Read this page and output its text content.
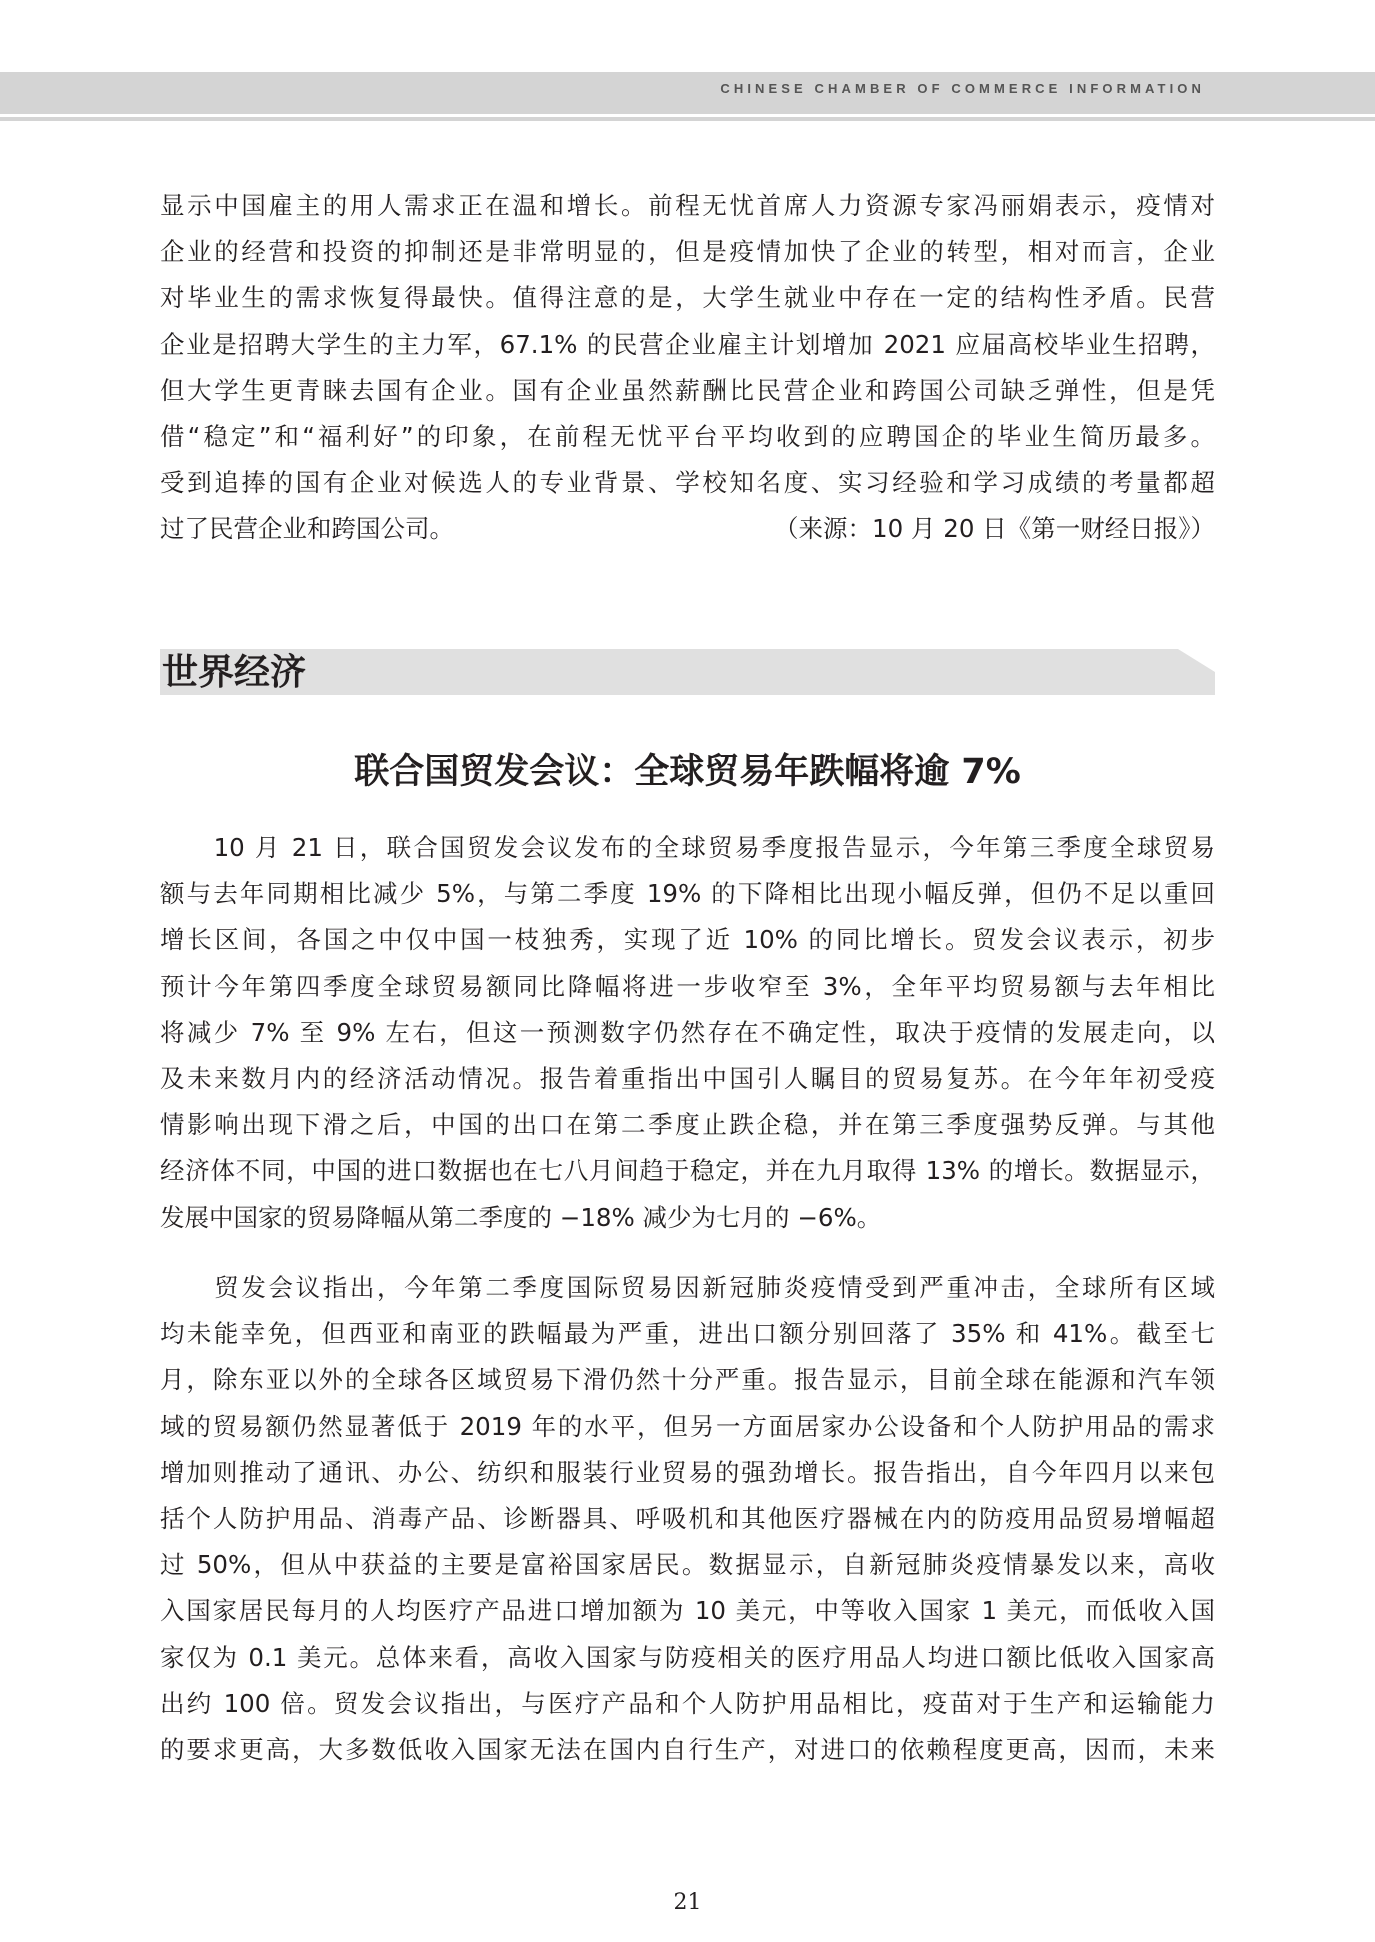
CHINESE CHAMBER OF COMMERCE INFORMATION
显示中国雇主的用人需求正在温和增长。前程无忧首席人力资源专家冯丽娟表示，疫情对
企业的经营和投资的抑制还是非常明显的，但是疫情加快了企业的转型，相对而言，企业
对毕业生的需求恢复得最快。值得注意的是，大学生就业中存在一定的结构性矛盾。民营
企业是招聘大学生的主力军，67.1% 的民营企业雇主计划增加 2021 应届高校毕业生招聘，
但大学生更青睐去国有企业。国有企业虽然薪酬比民营企业和跨国公司缺乏弹性，但是凭
借“稳定”和“福利好”的印象，在前程无忧平台平均收到的应聘国企的毕业生简历最多。
受到追捧的国有企业对候选人的专业背景、学校知名度、实习经验和学习成绩的考量都超
过了民营企业和跨国公司。	（来源：10 月 20 日《第一财经日报》）
世界经济
联合国贸发会议：全球贸易年跌幅将逾 7%
　　10 月 21 日，联合国贸发会议发布的全球贸易季度报告显示，今年第三季度全球贸易
额与去年同期相比减少 5%，与第二季度 19% 的下降相比出现小幅反弹，但仍不足以重回
增长区间，各国之中仅中国一枝独秀，实现了近 10% 的同比增长。贸发会议表示，初步
预计今年第四季度全球贸易额同比降幅将进一步收窄至 3%，全年平均贸易额与去年相比
将减少 7% 至 9% 左右，但这一预测数字仍然存在不确定性，取决于疫情的发展走向，以
及未来数月内的经济活动情况。报告着重指出中国引人瞩目的贸易复苏。在今年年初受疫
情影响出现下滑之后，中国的出口在第二季度止跌企稳，并在第三季度强势反弹。与其他
经济体不同，中国的进口数据也在七八月间趋于稳定，并在九月取得 13% 的增长。数据显示，
发展中国家的贸易降幅从第二季度的 −18% 减少为七月的 −6%。
　　贸发会议指出，今年第二季度国际贸易因新冠肺炎疫情受到严重冲击，全球所有区域
均未能幸免，但西亚和南亚的跌幅最为严重，进出口额分别回落了 35% 和 41%。截至七
月，除东亚以外的全球各区域贸易下滑仍然十分严重。报告显示，目前全球在能源和汽车领
域的贸易额仍然显著低于 2019 年的水平，但另一方面居家办公设备和个人防护用品的需求
增加则推动了通讯、办公、纺织和服装行业贸易的强劲增长。报告指出，自今年四月以来包
括个人防护用品、消毒产品、诊断器具、呼吸机和其他医疗器械在内的防疫用品贸易增幅超
过 50%，但从中获益的主要是富裕国家居民。数据显示，自新冠肺炎疫情暴发以来，高收
入国家居民每月的人均医疗产品进口增加额为 10 美元，中等收入国家 1 美元，而低收入国
家仅为 0.1 美元。总体来看，高收入国家与防疫相关的医疗用品人均进口额比低收入国家高
出约 100 倍。贸发会议指出，与医疗产品和个人防护用品相比，疫苗对于生产和运输能力
的要求更高，大多数低收入国家无法在国内自行生产，对进口的依赖程度更高，因而，未来
21
